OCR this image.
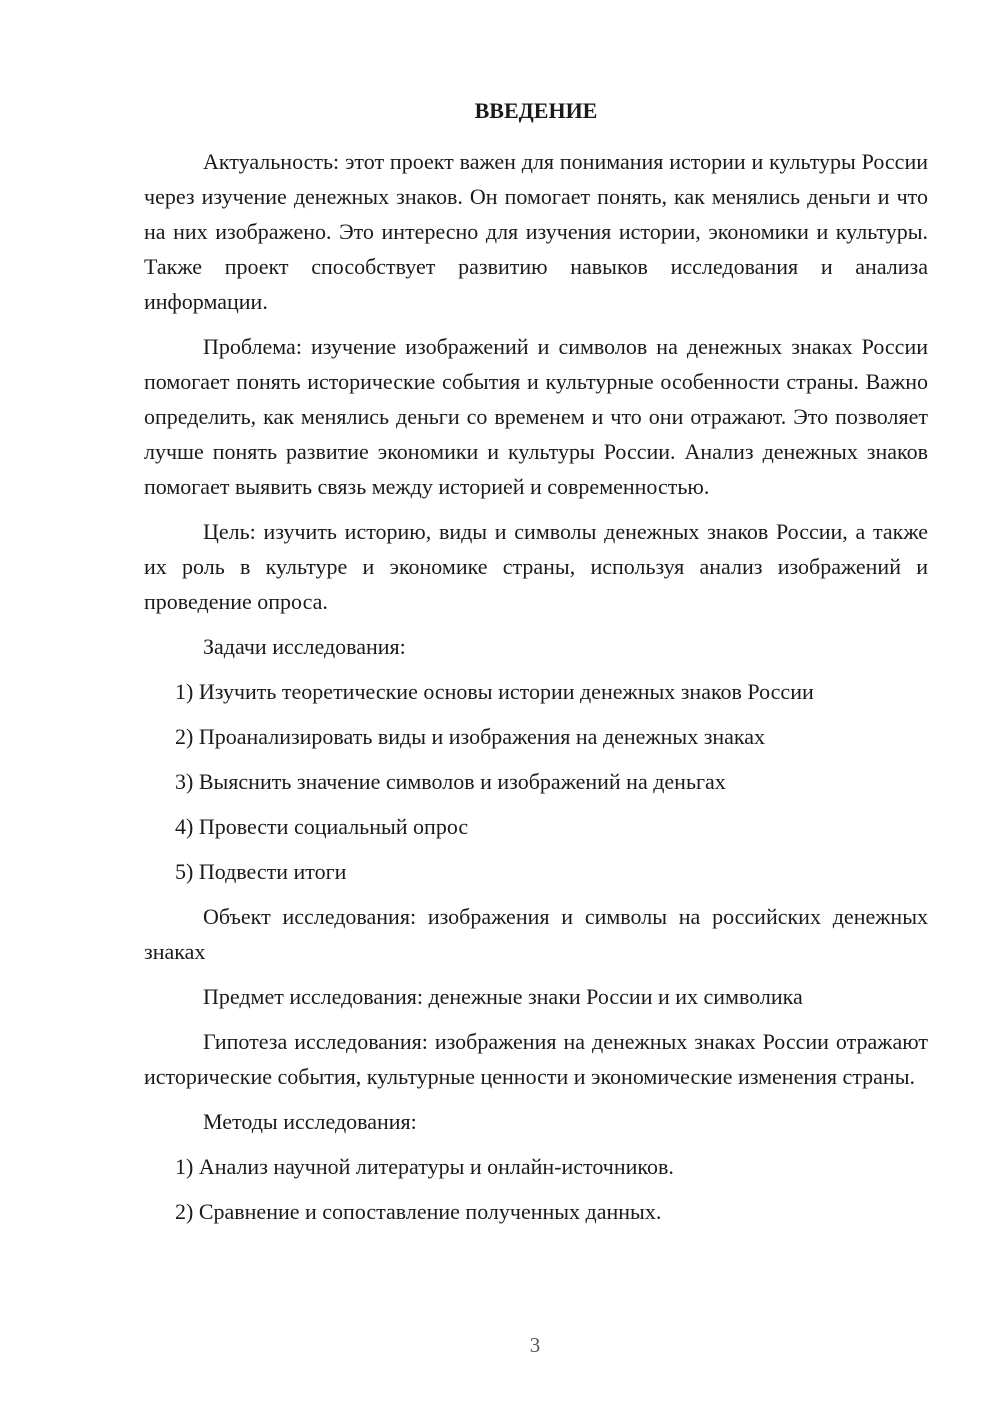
ВВЕДЕНИЕ

Актуальность: этот проект важен для понимания истории и культуры России через изучение денежных знаков. Он помогает понять, как менялись деньги и что на них изображено. Это интересно для изучения истории, экономики и культуры. Также проект способствует развитию навыков исследования и анализа информации.

Проблема: изучение изображений и символов на денежных знаках России помогает понять исторические события и культурные особенности страны. Важно определить, как менялись деньги со временем и что они отражают. Это позволяет лучше понять развитие экономики и культуры России. Анализ денежных знаков помогает выявить связь между историей и современностью.

Цель: изучить историю, виды и символы денежных знаков России, а также их роль в культуре и экономике страны, используя анализ изображений и проведение опроса.

Задачи исследования:

1) Изучить теоретические основы истории денежных знаков России

2) Проанализировать виды и изображения на денежных знаках

3) Выяснить значение символов и изображений на деньгах

4) Провести социальный опрос

5) Подвести итоги

Объект исследования: изображения и символы на российских денежных знаках

Предмет исследования: денежные знаки России и их символика

Гипотеза исследования: изображения на денежных знаках России отражают исторические события, культурные ценности и экономические изменения страны.

Методы исследования:

1) Анализ научной литературы и онлайн-источников.

2) Сравнение и сопоставление полученных данных.

3
